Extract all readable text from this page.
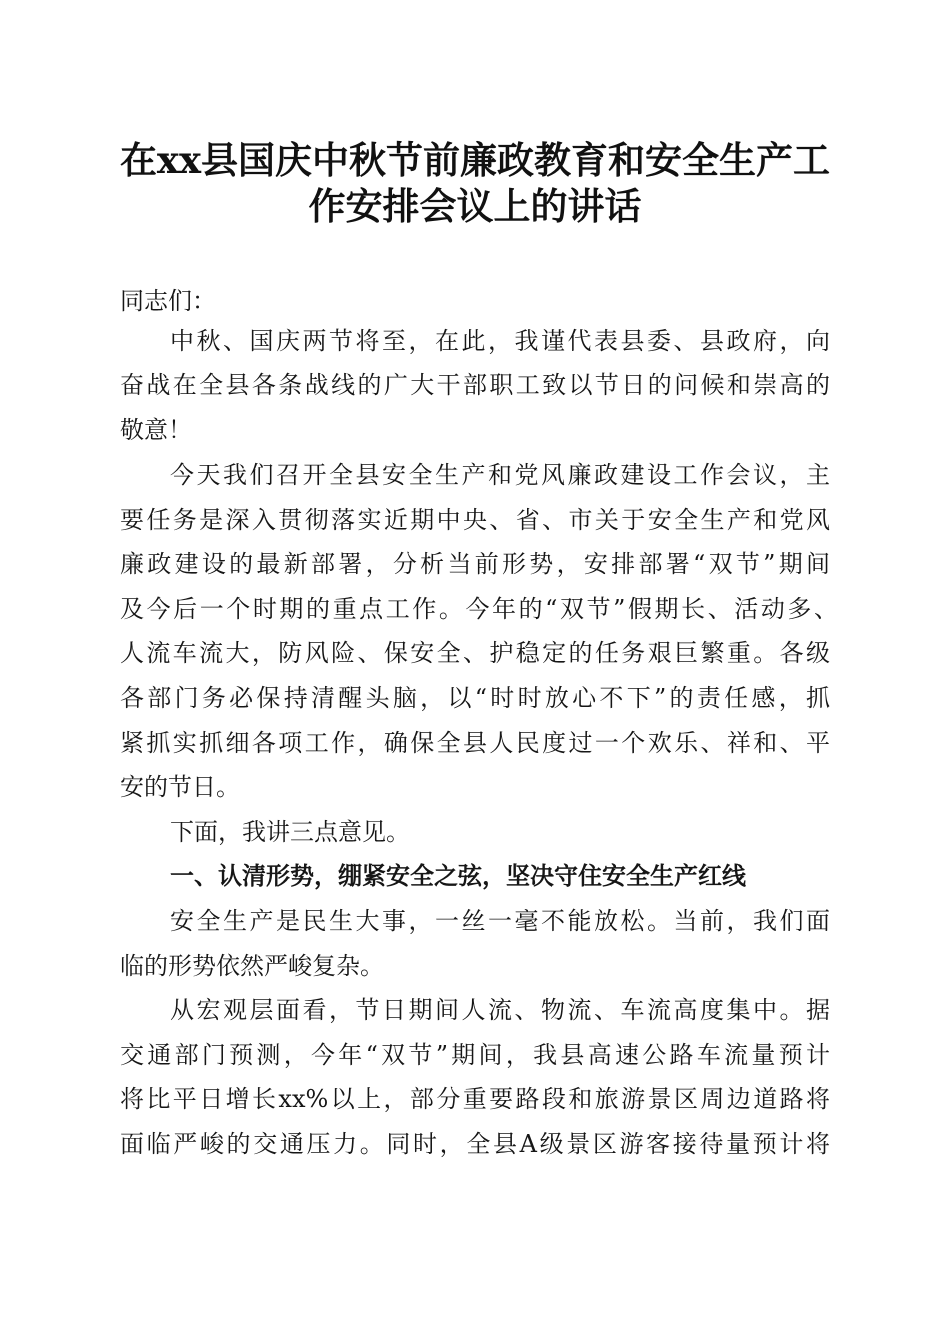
在xx县国庆中秋节前廉政教育和安全生产工
作安排会议上的讲话
同志们：
中秋、国庆两节将至，在此，我谨代表县委、县政府，向
奋战在全县各条战线的广大干部职工致以节日的问候和崇高的
敬意！
今天我们召开全县安全生产和党风廉政建设工作会议，主
要任务是深入贯彻落实近期中央、省、市关于安全生产和党风
廉政建设的最新部署，分析当前形势，安排部署“双节”期间
及今后一个时期的重点工作。今年的“双节”假期长、活动多、
人流车流大，防风险、保安全、护稳定的任务艰巨繁重。各级
各部门务必保持清醒头脑，以“时时放心不下”的责任感，抓
紧抓实抓细各项工作，确保全县人民度过一个欢乐、祥和、平
安的节日。
下面，我讲三点意见。
一、认清形势，绷紧安全之弦，坚决守住安全生产红线
安全生产是民生大事，一丝一毫不能放松。当前，我们面
临的形势依然严峻复杂。
从宏观层面看，节日期间人流、物流、车流高度集中。据
交通部门预测，今年“双节”期间，我县高速公路车流量预计
将比平日增长xx%以上，部分重要路段和旅游景区周边道路将
面临严峻的交通压力。同时，全县A级景区游客接待量预计将
